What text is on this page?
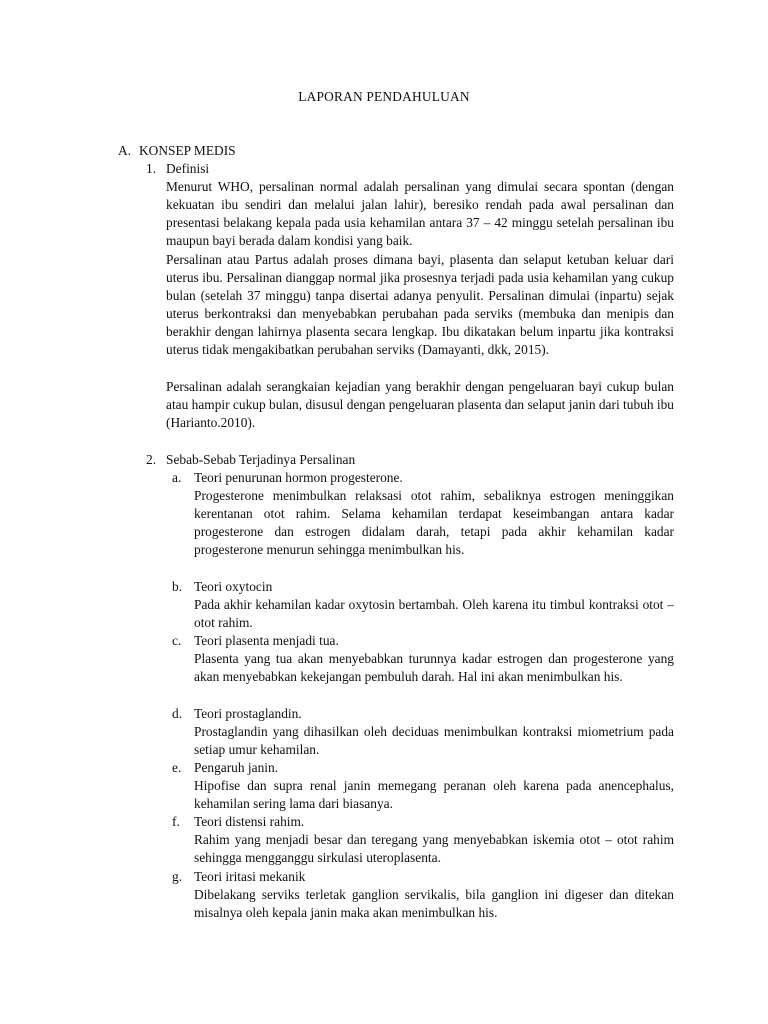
LAPORAN PENDAHULUAN
A. KONSEP MEDIS
1. Definisi
Menurut WHO, persalinan normal adalah persalinan yang dimulai secara spontan (dengan kekuatan ibu sendiri dan melalui jalan lahir), beresiko rendah pada awal persalinan dan presentasi belakang kepala pada usia kehamilan antara 37 – 42 minggu setelah persalinan ibu maupun bayi berada dalam kondisi yang baik.
Persalinan atau Partus adalah proses dimana bayi, plasenta dan selaput ketuban keluar dari uterus ibu. Persalinan dianggap normal jika prosesnya terjadi pada usia kehamilan yang cukup bulan (setelah 37 minggu) tanpa disertai adanya penyulit. Persalinan dimulai (inpartu) sejak uterus berkontraksi dan menyebabkan perubahan pada serviks (membuka dan menipis dan berakhir dengan lahirnya plasenta secara lengkap. Ibu dikatakan belum inpartu jika kontraksi uterus tidak mengakibatkan perubahan serviks (Damayanti, dkk, 2015).
Persalinan adalah serangkaian kejadian yang berakhir dengan pengeluaran bayi cukup bulan atau hampir cukup bulan, disusul dengan pengeluaran plasenta dan selaput janin dari tubuh ibu (Harianto.2010).
2. Sebab-Sebab Terjadinya Persalinan
a. Teori penurunan hormon progesterone.
Progesterone menimbulkan relaksasi otot rahim, sebaliknya estrogen meninggikan kerentanan otot rahim. Selama kehamilan terdapat keseimbangan antara kadar progesterone dan estrogen didalam darah, tetapi pada akhir kehamilan kadar progesterone menurun sehingga menimbulkan his.
b. Teori oxytocin
Pada akhir kehamilan kadar oxytosin bertambah. Oleh karena itu timbul kontraksi otot – otot rahim.
c. Teori plasenta menjadi tua.
Plasenta yang tua akan menyebabkan turunnya kadar estrogen dan progesterone yang akan menyebabkan kekejangan pembuluh darah. Hal ini akan menimbulkan his.
d. Teori prostaglandin.
Prostaglandin yang dihasilkan oleh deciduas menimbulkan kontraksi miometrium pada setiap umur kehamilan.
e. Pengaruh janin.
Hipofise dan supra renal janin memegang peranan oleh karena pada anencephalus, kehamilan sering lama dari biasanya.
f. Teori distensi rahim.
Rahim yang menjadi besar dan teregang yang menyebabkan iskemia otot – otot rahim sehingga mengganggu sirkulasi uteroplasenta.
g. Teori iritasi mekanik
Dibelakang serviks terletak ganglion servikalis, bila ganglion ini digeser dan ditekan misalnya oleh kepala janin maka akan menimbulkan his.
